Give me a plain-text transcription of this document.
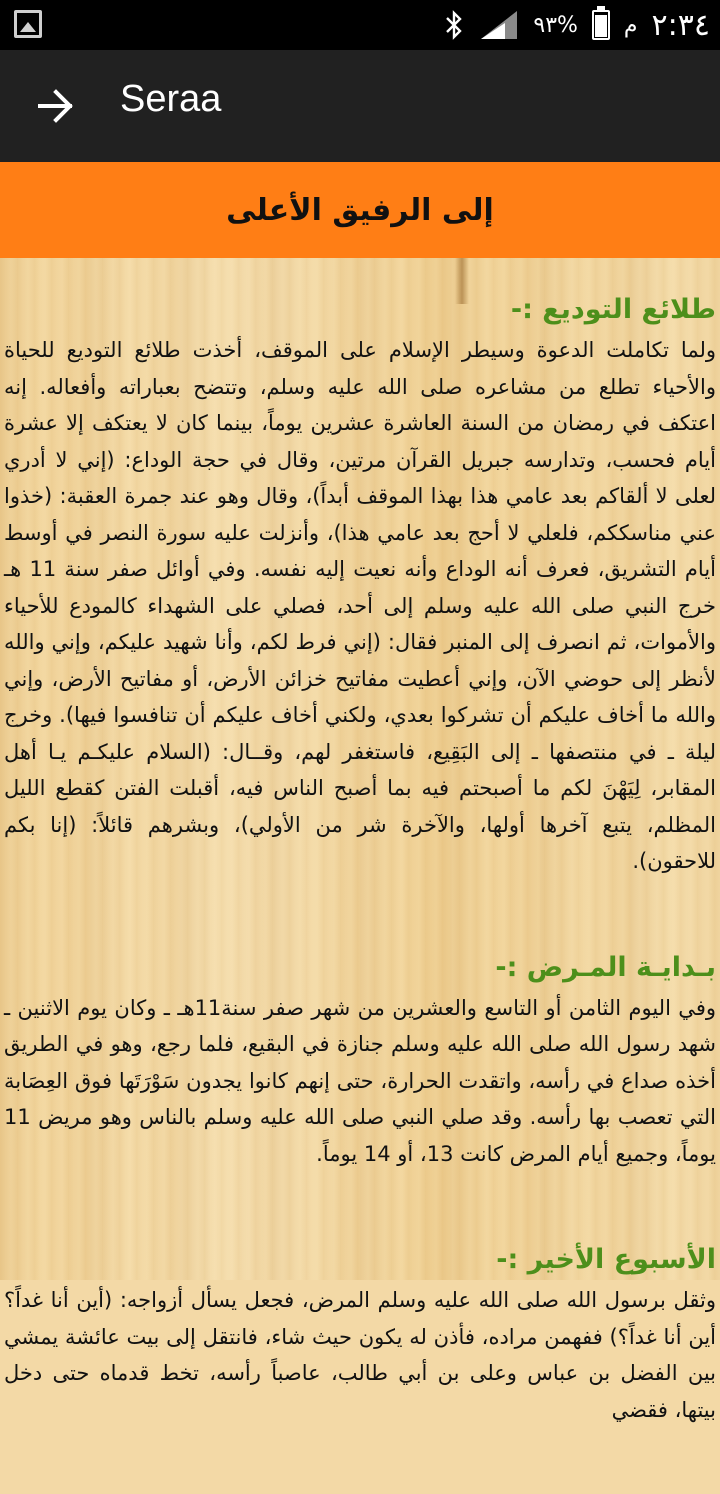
٩٣% م ٢:٣٤
Seraa
إلى الرفيق الأعلى
طلائع التوديع :-

ولما تكاملت الدعوة وسيطر الإسلام على الموقف، أخذت طلائع التوديع للحياة والأحياء تطلع من مشاعره صلى الله عليه وسلم، وتتضح بعباراته وأفعاله. إنه اعتكف في رمضان من السنة العاشرة عشرين يوماً، بينما كان لا يعتكف إلا عشرة أيام فحسب، وتدارسه جبريل القرآن مرتين، وقال في حجة الوداع: (إني لا أدري لعلى لا ألقاكم بعد عامي هذا بهذا الموقف أبداً)، وقال وهو عند جمرة العقبة: (خذوا عني مناسككم، فلعلي لا أحج بعد عامي هذا)، وأنزلت عليه سورة النصر في أوسط أيام التشريق، فعرف أنه الوداع وأنه نعيت إليه نفسه. وفي أوائل صفر سنة 11 هـ خرج النبي صلى الله عليه وسلم إلى أحد، فصلي على الشهداء كالمودع للأحياء والأموات، ثم انصرف إلى المنبر فقال: (إني فرط لكم، وأنا شهيد عليكم، وإني والله لأنظر إلى حوضي الآن، وإني أعطيت مفاتيح خزائن الأرض، أو مفاتيح الأرض، وإني والله ما أخاف عليكم أن تشركوا بعدي، ولكني أخاف عليكم أن تنافسوا فيها). وخرج ليلة ـ في منتصفها ـ إلى البَقِيع، فاستغفر لهم، وقــال: (السلام عليكـم يـا أهل المقابر، لِيَهْنَ لكم ما أصبحتم فيه بما أصبح الناس فيه، أقبلت الفتن كقطع الليل المظلم، يتبع آخرها أولها، والآخرة شر من الأولي)، وبشرهم قائلاً: (إنا بكم للاحقون).

بـدايـة المـرض :-

وفي اليوم الثامن أو التاسع والعشرين من شهر صفر سنة11هـ ـ وكان يوم الاثنين ـ شهد رسول الله صلى الله عليه وسلم جنازة في البقيع، فلما رجع، وهو في الطريق أخذه صداع في رأسه، واتقدت الحرارة، حتى إنهم كانوا يجدون سَوْرَتَها فوق العِصَابة التي تعصب بها رأسه. وقد صلي النبي صلى الله عليه وسلم بالناس وهو مريض 11 يوماً، وجميع أيام المرض كانت 13، أو 14 يوماً.

الأسبوع الأخير :-

وثقل برسول الله صلى الله عليه وسلم المرض، فجعل يسأل أزواجه: (أين أنا غداً؟ أين أنا غداً؟) ففهمن مراده، فأذن له يكون حيث شاء، فانتقل إلى بيت عائشة يمشي بين الفضل بن عباس وعلى بن أبي طالب، عاصباً رأسه، تخط قدماه حتى دخل بيتها، فقضي
